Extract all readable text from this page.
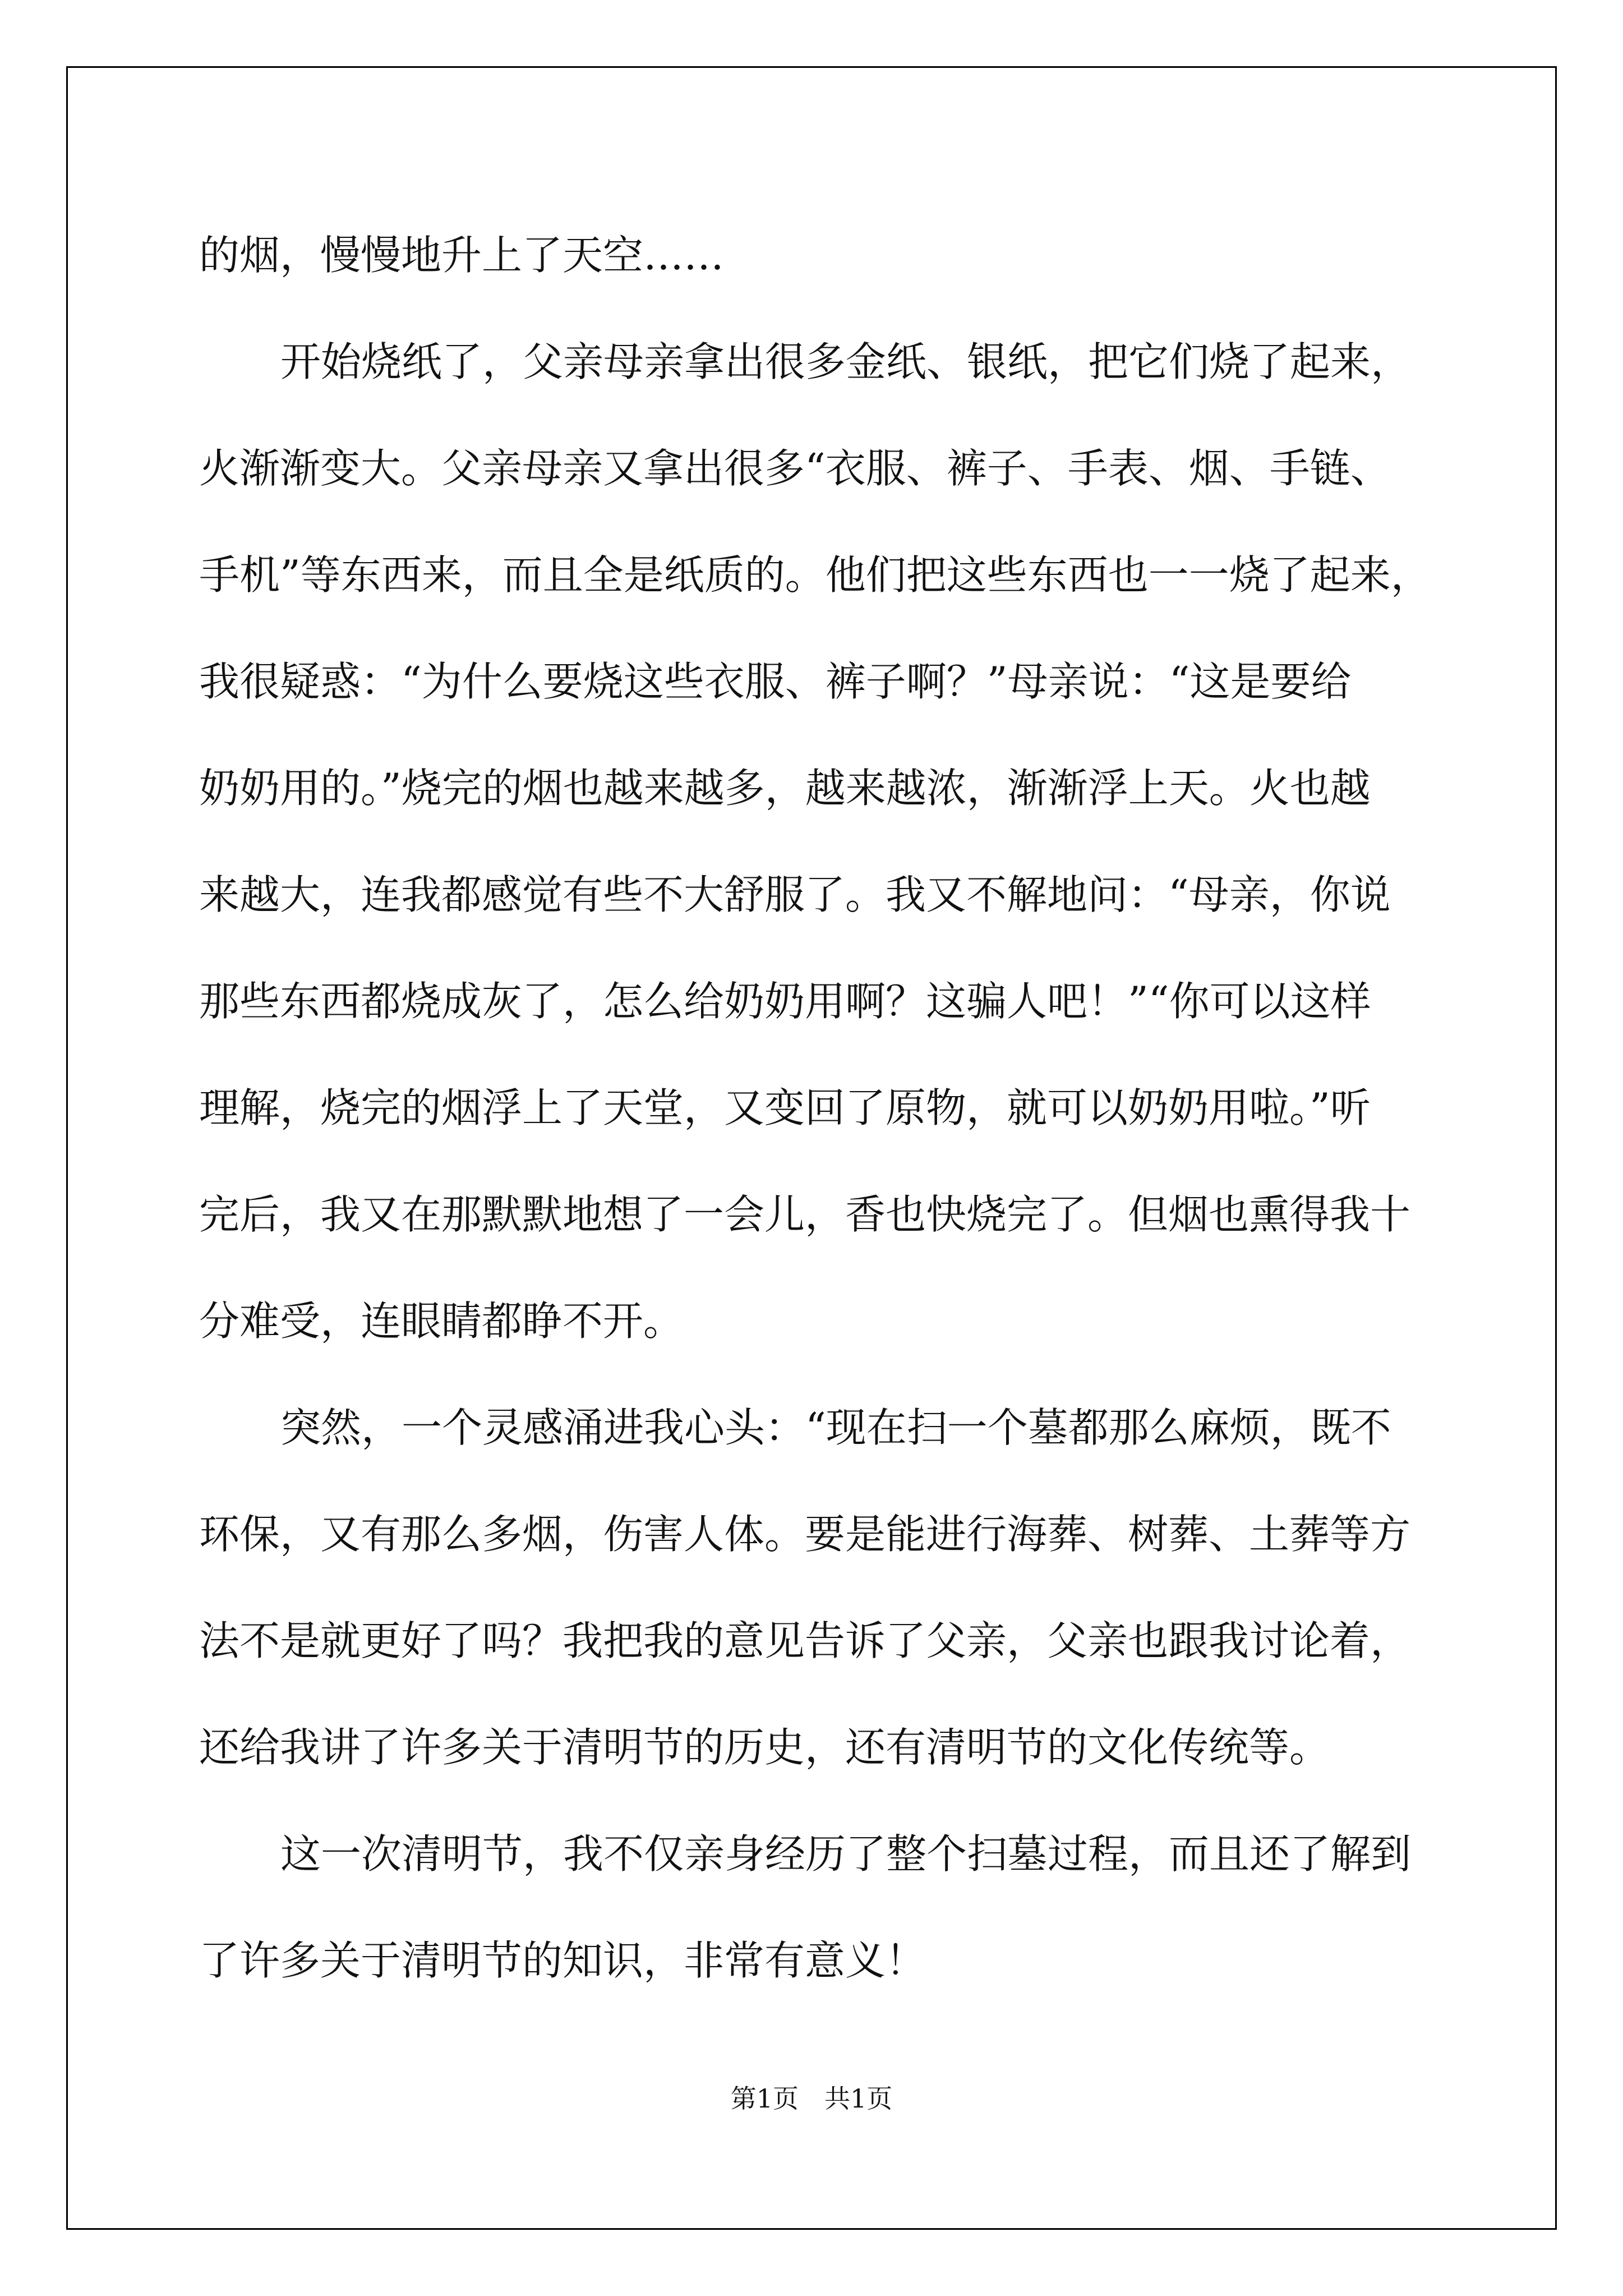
的烟，慢慢地升上了天空……
开始烧纸了，父亲母亲拿出很多金纸、银纸，把它们烧了起来，
火渐渐变大。父亲母亲又拿出很多“衣服、裤子、手表、烟、手链、
手机”等东西来，而且全是纸质的。他们把这些东西也一一烧了起来，
我很疑惑：“为什么要烧这些衣服、裤子啊？”母亲说：“这是要给
奶奶用的。”烧完的烟也越来越多，越来越浓，渐渐浮上天。火也越
来越大，连我都感觉有些不大舒服了。我又不解地问：“母亲，你说
那些东西都烧成灰了，怎么给奶奶用啊？这骗人吧！”“你可以这样
理解，烧完的烟浮上了天堂，又变回了原物，就可以奶奶用啦。”听
完后，我又在那默默地想了一会儿，香也快烧完了。但烟也熏得我十
分难受，连眼睛都睁不开。
突然，一个灵感涌进我心头：“现在扫一个墓都那么麻烦，既不
环保，又有那么多烟，伤害人体。要是能进行海葬、树葬、土葬等方
法不是就更好了吗？我把我的意见告诉了父亲，父亲也跟我讨论着，
还给我讲了许多关于清明节的历史，还有清明节的文化传统等。
这一次清明节，我不仅亲身经历了整个扫墓过程，而且还了解到
了许多关于清明节的知识，非常有意义！
第1页　共1页
